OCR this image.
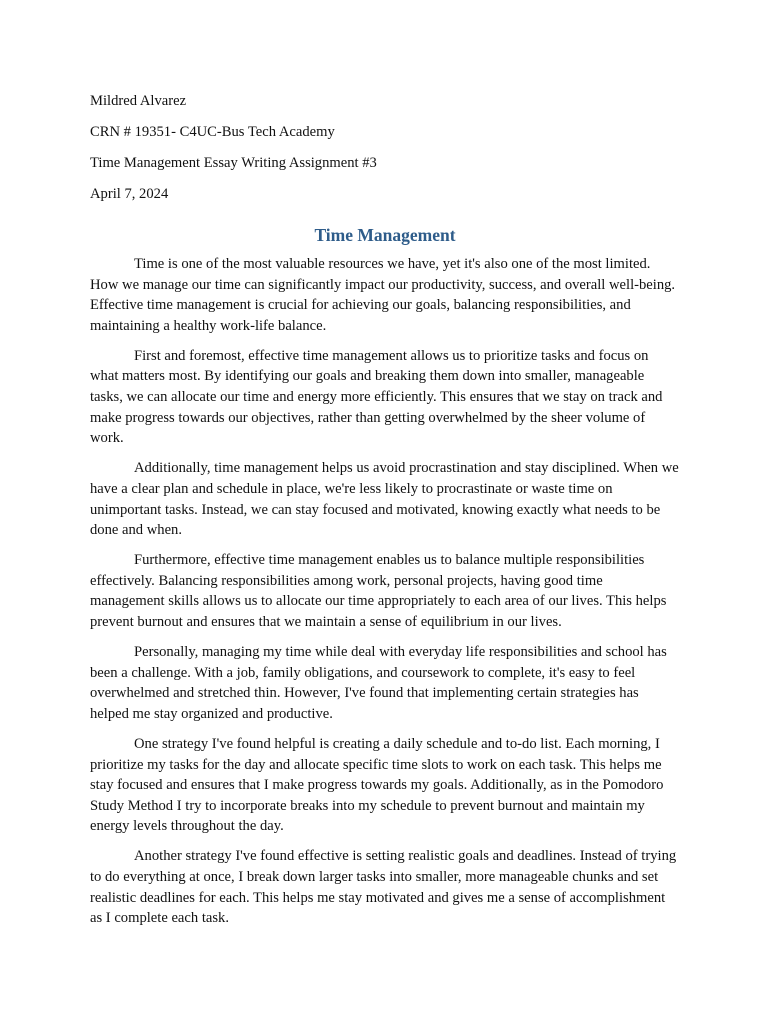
Mildred Alvarez
CRN # 19351- C4UC-Bus Tech Academy
Time Management Essay Writing Assignment #3
April 7, 2024
Time Management

Time is one of the most valuable resources we have, yet it's also one of the most limited. How we manage our time can significantly impact our productivity, success, and overall well-being. Effective time management is crucial for achieving our goals, balancing responsibilities, and maintaining a healthy work-life balance.

First and foremost, effective time management allows us to prioritize tasks and focus on what matters most. By identifying our goals and breaking them down into smaller, manageable tasks, we can allocate our time and energy more efficiently. This ensures that we stay on track and make progress towards our objectives, rather than getting overwhelmed by the sheer volume of work.

Additionally, time management helps us avoid procrastination and stay disciplined. When we have a clear plan and schedule in place, we're less likely to procrastinate or waste time on unimportant tasks. Instead, we can stay focused and motivated, knowing exactly what needs to be done and when.

Furthermore, effective time management enables us to balance multiple responsibilities effectively. Balancing responsibilities among work, personal projects, having good time management skills allows us to allocate our time appropriately to each area of our lives. This helps prevent burnout and ensures that we maintain a sense of equilibrium in our lives.

Personally, managing my time while deal with everyday life responsibilities and school has been a challenge. With a job, family obligations, and coursework to complete, it's easy to feel overwhelmed and stretched thin. However, I've found that implementing certain strategies has helped me stay organized and productive.

One strategy I've found helpful is creating a daily schedule and to-do list. Each morning, I prioritize my tasks for the day and allocate specific time slots to work on each task. This helps me stay focused and ensures that I make progress towards my goals. Additionally, as in the Pomodoro Study Method I try to incorporate breaks into my schedule to prevent burnout and maintain my energy levels throughout the day.

Another strategy I've found effective is setting realistic goals and deadlines. Instead of trying to do everything at once, I break down larger tasks into smaller, more manageable chunks and set realistic deadlines for each. This helps me stay motivated and gives me a sense of accomplishment as I complete each task.
